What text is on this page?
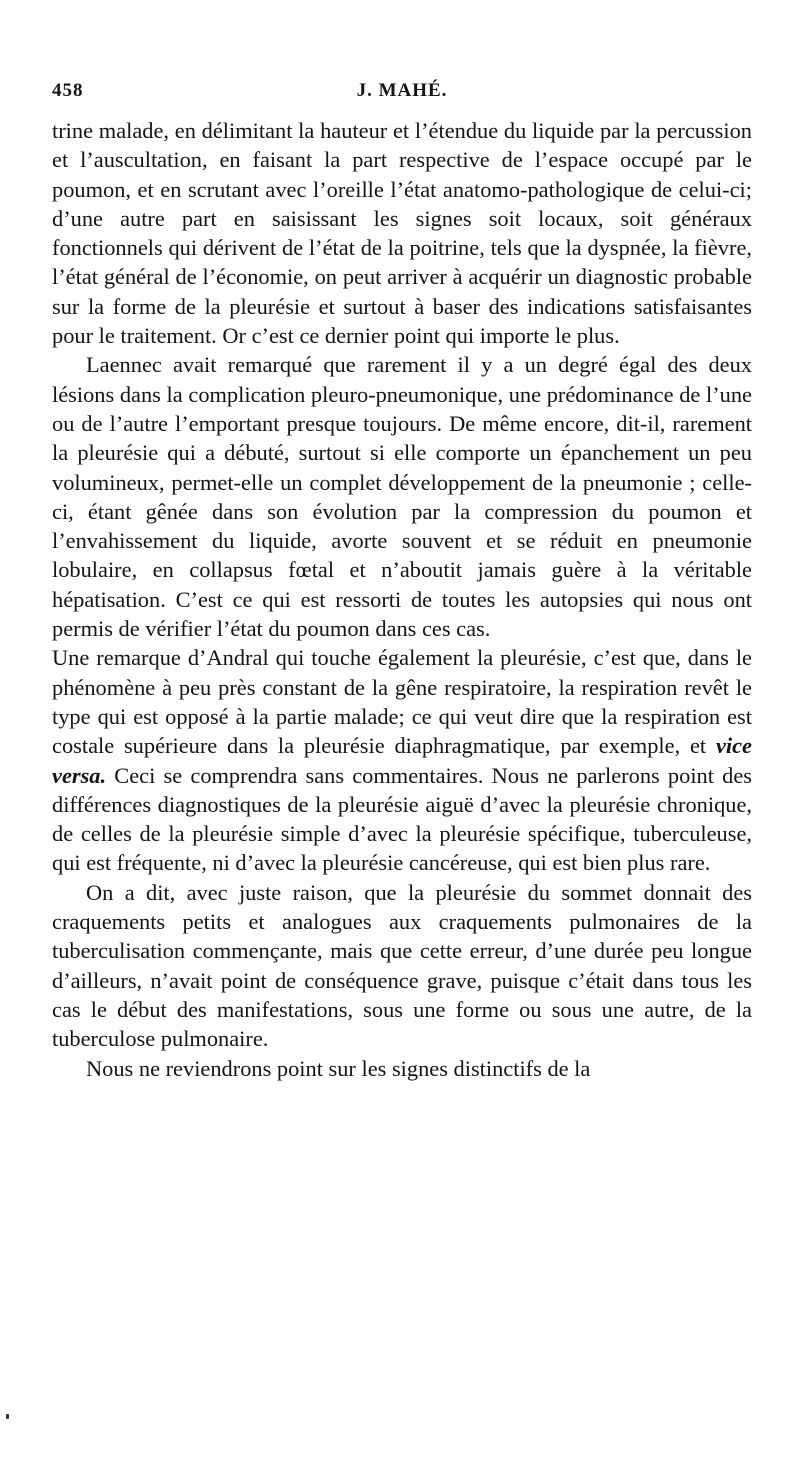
458	J. MAHÉ.

trine malade, en délimitant la hauteur et l’étendue du liquide par la percussion et l’auscultation, en faisant la part respective de l’espace occupé par le poumon, et en scrutant avec l’oreille l’état anatomo-pathologique de celui-ci; d’une autre part en saisissant les signes soit locaux, soit généraux fonctionnels qui dérivent de l’état de la poitrine, tels que la dyspnée, la fièvre, l’état général de l’économie, on peut arriver à acquérir un diagnostic probable sur la forme de la pleurésie et surtout à baser des indications satisfaisantes pour le traitement. Or c’est ce dernier point qui importe le plus.

Laennec avait remarqué que rarement il y a un degré égal des deux lésions dans la complication pleuro-pneumonique, une prédominance de l’une ou de l’autre l’emportant presque toujours. De même encore, dit-il, rarement la pleurésie qui a débuté, surtout si elle comporte un épanchement un peu volumineux, permet-elle un complet développement de la pneumonie ; celle-ci, étant gênée dans son évolution par la compression du poumon et l’envahissement du liquide, avorte souvent et se réduit en pneumonie lobulaire, en collapsus fœtal et n’aboutit jamais guère à la véritable hépatisation. C’est ce qui est ressorti de toutes les autopsies qui nous ont permis de vérifier l’état du poumon dans ces cas.

Une remarque d’Andral qui touche également la pleurésie, c’est que, dans le phénomène à peu près constant de la gêne respiratoire, la respiration revêt le type qui est opposé à la partie malade; ce qui veut dire que la respiration est costale supérieure dans la pleurésie diaphragmatique, par exemple, et vice versa. Ceci se comprendra sans commentaires. Nous ne parlerons point des différences diagnostiques de la pleurésie aiguë d’avec la pleurésie chronique, de celles de la pleurésie simple d’avec la pleurésie spécifique, tuberculeuse, qui est fréquente, ni d’avec la pleurésie cancéreuse, qui est bien plus rare.

On a dit, avec juste raison, que la pleurésie du sommet donnait des craquements petits et analogues aux craquements pulmonaires de la tuberculisation commençante, mais que cette erreur, d’une durée peu longue d’ailleurs, n’avait point de conséquence grave, puisque c’était dans tous les cas le début des manifestations, sous une forme ou sous une autre, de la tuberculose pulmonaire.

Nous ne reviendrons point sur les signes distinctifs de la
